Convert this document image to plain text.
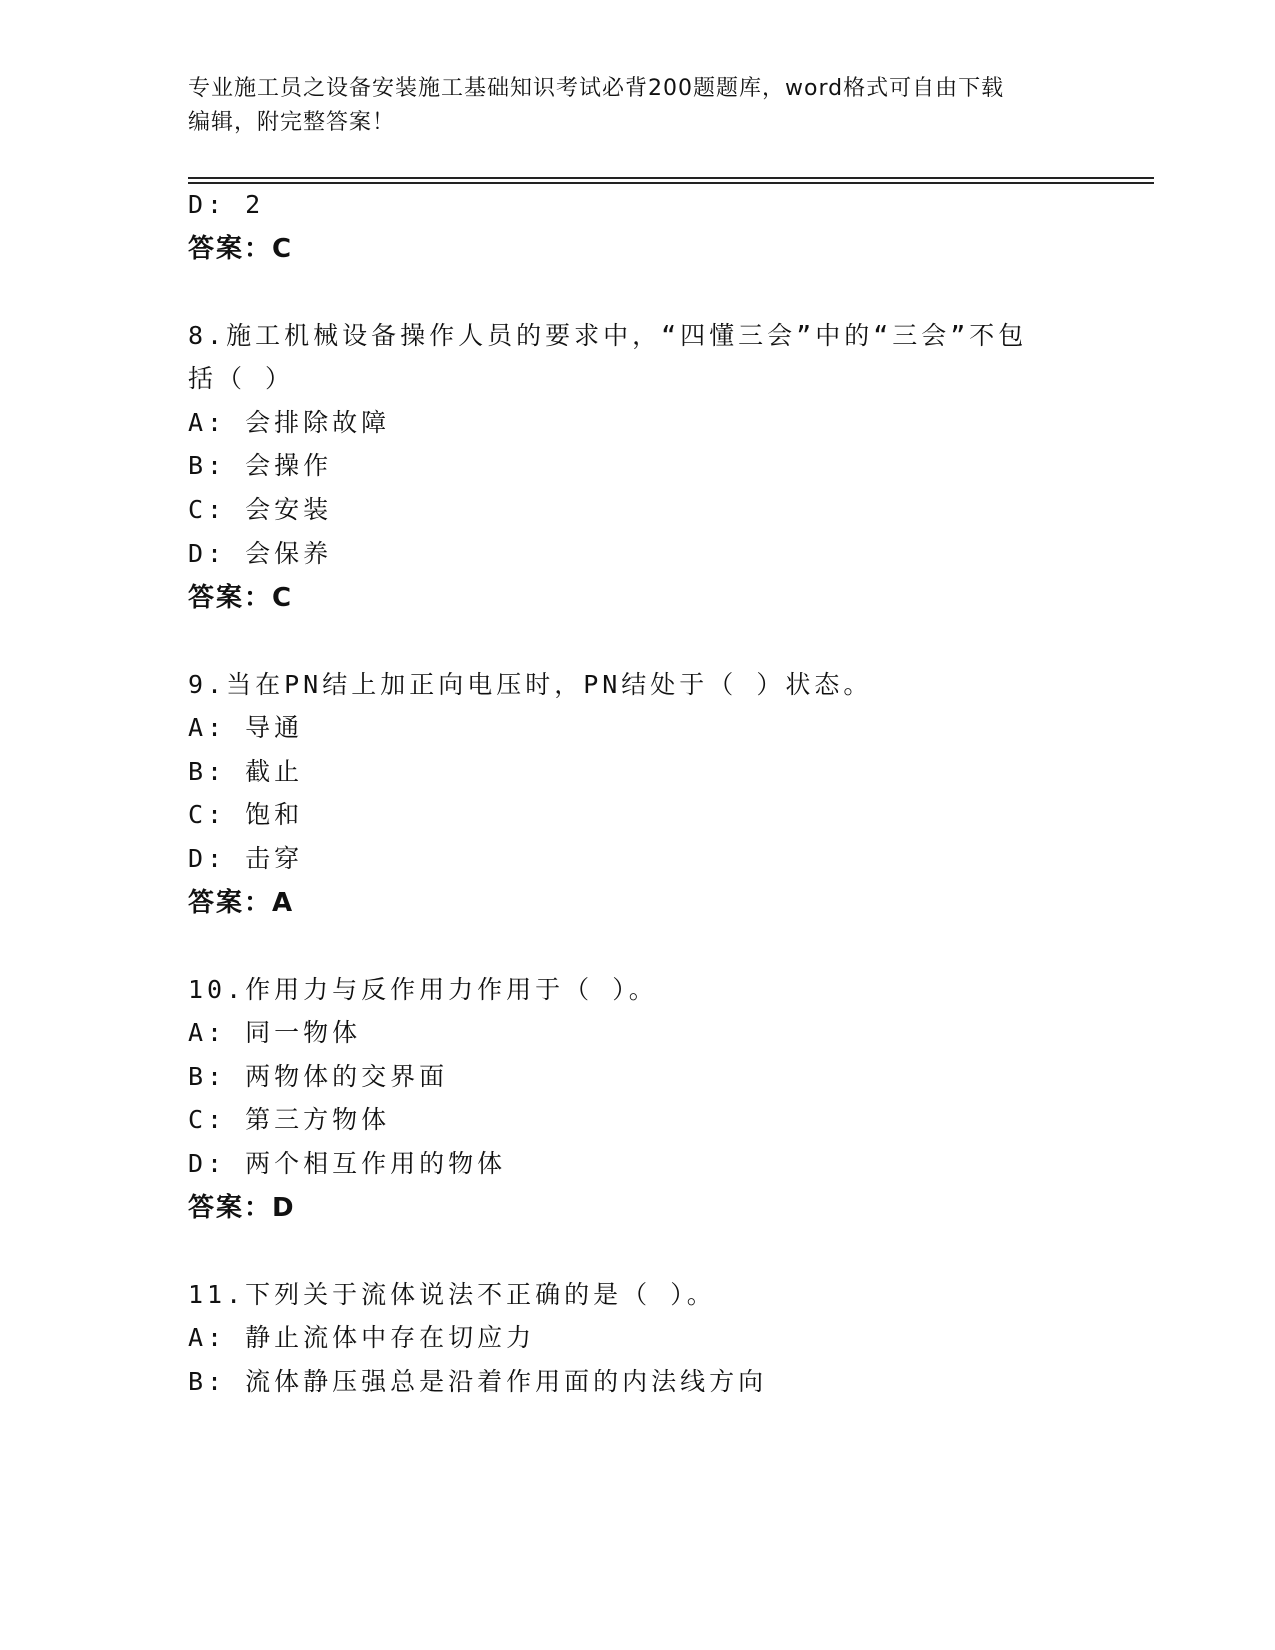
专业施工员之设备安装施工基础知识考试必背200题题库，word格式可自由下载
编辑，附完整答案！
D: 2
答案：C
8.施工机械设备操作人员的要求中，“四懂三会”中的“三会”不包
括（ ）
A: 会排除故障
B: 会操作
C: 会安装
D: 会保养
答案：C
9.当在PN结上加正向电压时，PN结处于（ ）状态。
A: 导通
B: 截止
C: 饱和
D: 击穿
答案：A
10.作用力与反作用力作用于（ ）。
A: 同一物体
B: 两物体的交界面
C: 第三方物体
D: 两个相互作用的物体
答案：D
11.下列关于流体说法不正确的是（ ）。
A: 静止流体中存在切应力
B: 流体静压强总是沿着作用面的内法线方向
